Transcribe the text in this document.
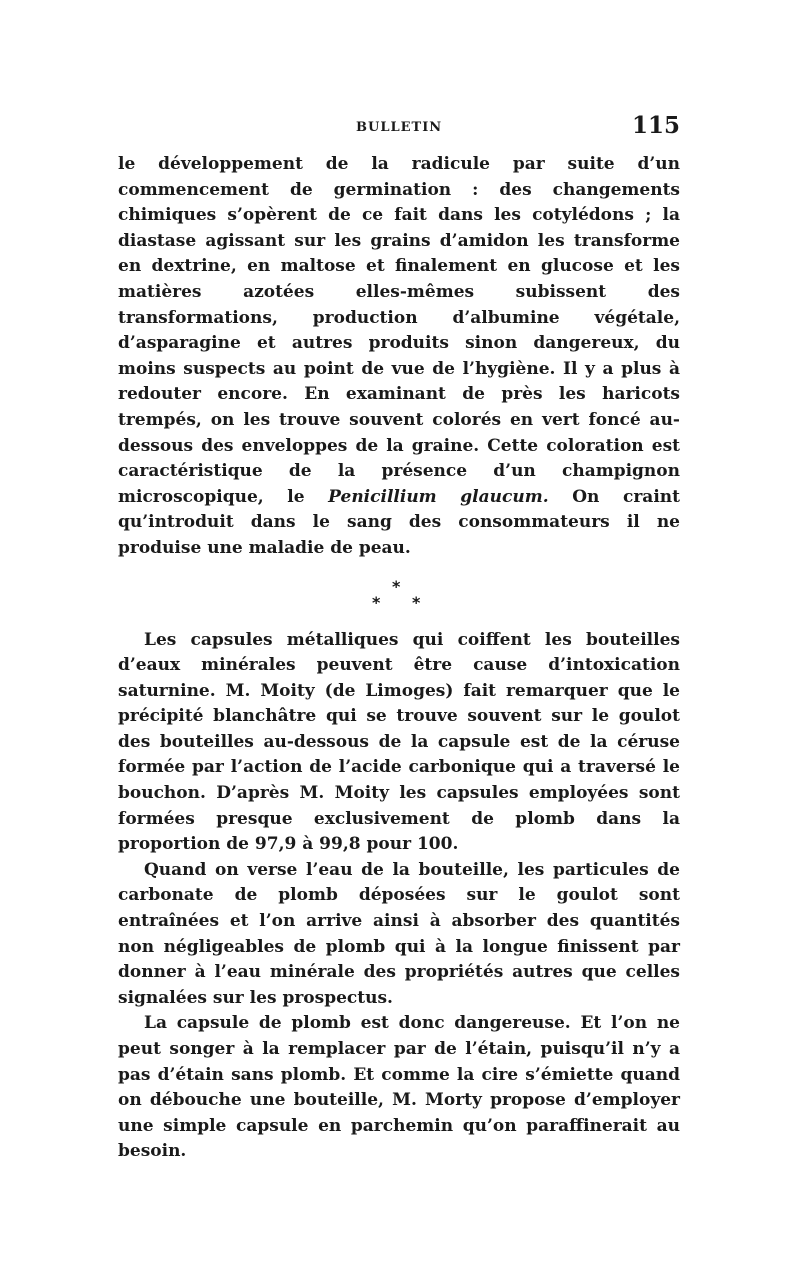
BULLETIN	115

le développement de la radicule par suite d’un commencement de germination : des changements chimiques s’opèrent de ce fait dans les cotylédons ; la diastase agissant sur les grains d’amidon les transforme en dextrine, en maltose et finalement en glucose et les matières azotées elles-mêmes subissent des transformations, production d’albumine végétale, d’asparagine et autres produits sinon dangereux, du moins suspects au point de vue de l’hygiène. Il y a plus à redouter encore. En examinant de près les haricots trempés, on les trouve souvent colorés en vert foncé au-dessous des enveloppes de la graine. Cette coloration est caractéristique de la présence d’un champignon microscopique, le Penicillium glaucum. On craint qu’introduit dans le sang des consommateurs il ne produise une maladie de peau.

*
* *

Les capsules métalliques qui coiffent les bouteilles d’eaux minérales peuvent être cause d’intoxication saturnine. M. Moity (de Limoges) fait remarquer que le précipité blanchâtre qui se trouve souvent sur le goulot des bouteilles au-dessous de la capsule est de la céruse formée par l’action de l’acide carbonique qui a traversé le bouchon. D’après M. Moity les capsules employées sont formées presque exclusivement de plomb dans la proportion de 97,9 à 99,8 pour 100.

Quand on verse l’eau de la bouteille, les particules de carbonate de plomb déposées sur le goulot sont entraînées et l’on arrive ainsi à absorber des quantités non négligeables de plomb qui à la longue finissent par donner à l’eau minérale des propriétés autres que celles signalées sur les prospectus.

La capsule de plomb est donc dangereuse. Et l’on ne peut songer à la remplacer par de l’étain, puisqu’il n’y a pas d’étain sans plomb. Et comme la cire s’émiette quand on débouche une bouteille, M. Morty propose d’employer une simple capsule en parchemin qu’on paraffinerait au besoin.
